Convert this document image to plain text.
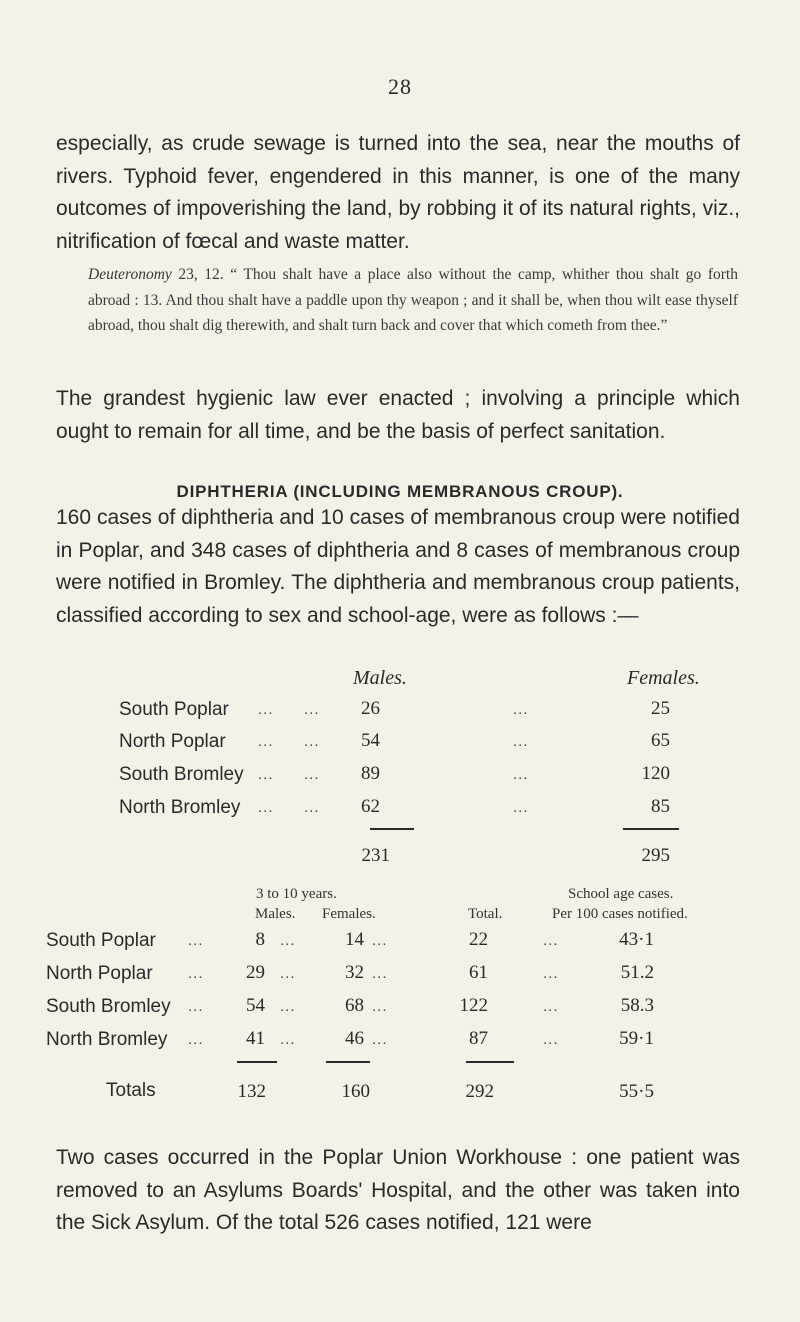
28
especially, as crude sewage is turned into the sea, near the mouths of rivers. Typhoid fever, engendered in this manner, is one of the many outcomes of impoverishing the land, by robbing it of its natural rights, viz., nitrification of fœcal and waste matter.
Deuteronomy 23, 12. “ Thou shalt have a place also without the camp, whither thou shalt go forth abroad : 13. And thou shalt have a paddle upon thy weapon ; and it shall be, when thou wilt ease thyself abroad, thou shalt dig therewith, and shalt turn back and cover that which cometh from thee.”
The grandest hygienic law ever enacted ; involving a principle which ought to remain for all time, and be the basis of perfect sanitation.
DIPHTHERIA (INCLUDING MEMBRANOUS CROUP).
160 cases of diphtheria and 10 cases of membranous croup were notified in Poplar, and 348 cases of diphtheria and 8 cases of membranous croup were notified in Bromley. The diphtheria and membranous croup patients, classified according to sex and school-age, were as follows :—
Males.	Females.
South Poplar ... ...	26	...	25
North Poplar ... ...	54	...	65
South Bromley ... ...	89	...	120
North Bromley ... ...	62	...	85
231	295
3 to 10 years.	School age cases.
Males. Females.	Total.	Per 100 cases notified.
South Poplar ...	8 ...	14 ...	22	...	43·1
North Poplar ...	29 ...	32 ...	61	...	51.2
South Bromley ...	54 ...	68 ...	122	...	58.3
North Bromley ...	41 ...	46 ...	87	...	59·1
Totals	132	160	292	55·5
Two cases occurred in the Poplar Union Workhouse : one patient was removed to an Asylums Boards' Hospital, and the other was taken into the Sick Asylum. Of the total 526 cases notified, 121 were
